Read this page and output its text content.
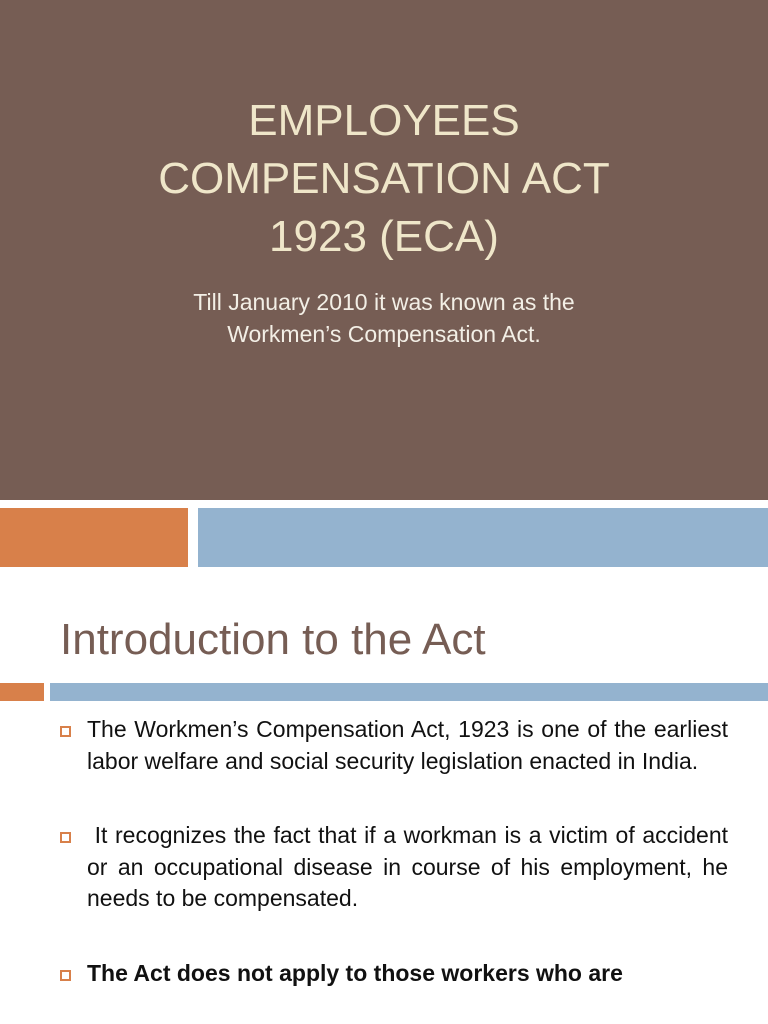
EMPLOYEES
COMPENSATION ACT
1923 (ECA)
Till January 2010 it was known as the
Workmen’s Compensation Act.
Introduction to the Act
The Workmen’s Compensation Act, 1923 is one of the earliest labor welfare and social security legislation enacted in India.
It recognizes the fact that if a workman is a victim of accident or an occupational disease in course of his employment, he needs to be compensated.
The Act does not apply to those workers who are
